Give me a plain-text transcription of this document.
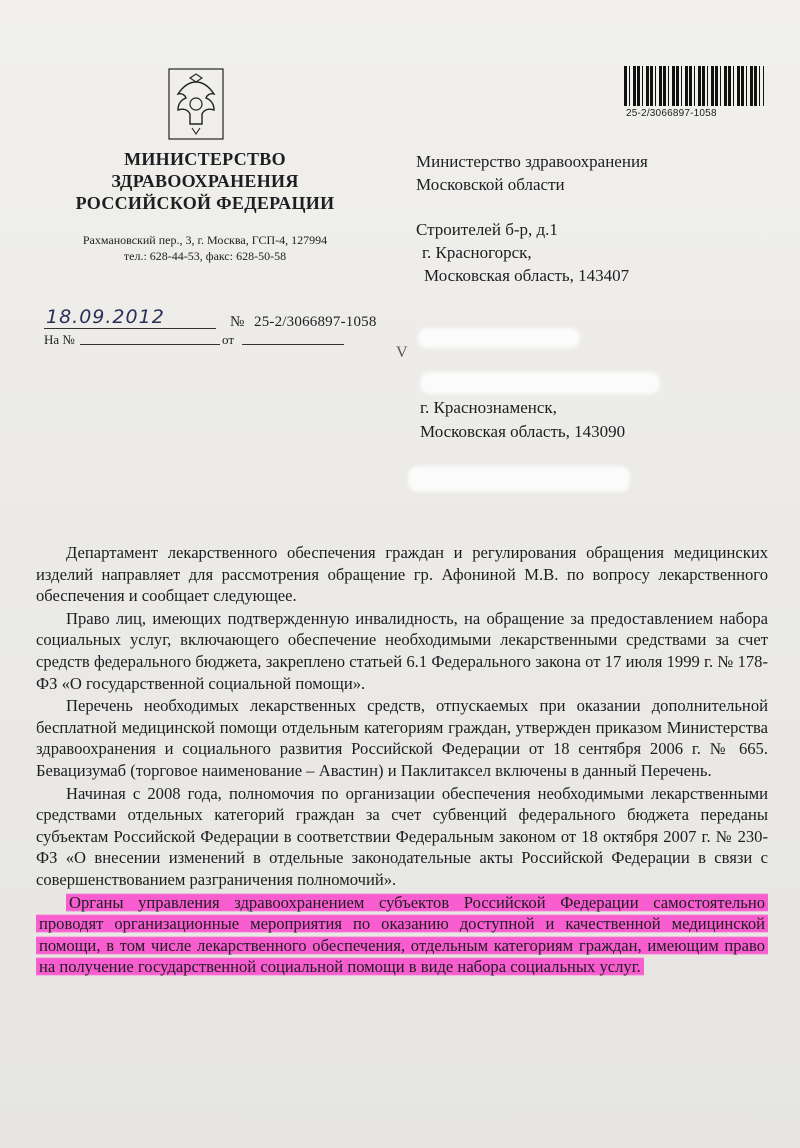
25-2/3066897-1058
МИНИСТЕРСТВО
ЗДРАВООХРАНЕНИЯ
РОССИЙСКОЙ ФЕДЕРАЦИИ
Рахмановский пер., 3, г. Москва, ГСП-4, 127994
тел.: 628-44-53, факс: 628-50-58
18.09.2012	№ 25-2/3066897-1058
На №	от
V
Министерство здравоохранения
Московской области
Строителей б-р, д.1
г. Красногорск,
Московская область, 143407
г. Краснознаменск,
Московская область, 143090

Департамент лекарственного обеспечения граждан и регулирования обращения медицинских изделий направляет для рассмотрения обращение гр. Афониной М.В. по вопросу лекарственного обеспечения и сообщает следующее.

Право лиц, имеющих подтвержденную инвалидность, на обращение за предоставлением набора социальных услуг, включающего обеспечение необходимыми лекарственными средствами за счет средств федерального бюджета, закреплено статьей 6.1 Федерального закона от 17 июля 1999 г. № 178-ФЗ «О государственной социальной помощи».

Перечень необходимых лекарственных средств, отпускаемых при оказании дополнительной бесплатной медицинской помощи отдельным категориям граждан, утвержден приказом Министерства здравоохранения и социального развития Российской Федерации от 18 сентября 2006 г. № 665. Бевацизумаб (торговое наименование – Авастин) и Паклитаксел включены в данный Перечень.

Начиная с 2008 года, полномочия по организации обеспечения необходимыми лекарственными средствами отдельных категорий граждан за счет субвенций федерального бюджета переданы субъектам Российской Федерации в соответствии Федеральным законом от 18 октября 2007 г. № 230-ФЗ «О внесении изменений в отдельные законодательные акты Российской Федерации в связи с совершенствованием разграничения полномочий».

Органы управления здравоохранением субъектов Российской Федерации самостоятельно проводят организационные мероприятия по оказанию доступной и качественной медицинской помощи, в том числе лекарственного обеспечения, отдельным категориям граждан, имеющим право на получение государственной социальной помощи в виде набора социальных услуг.
